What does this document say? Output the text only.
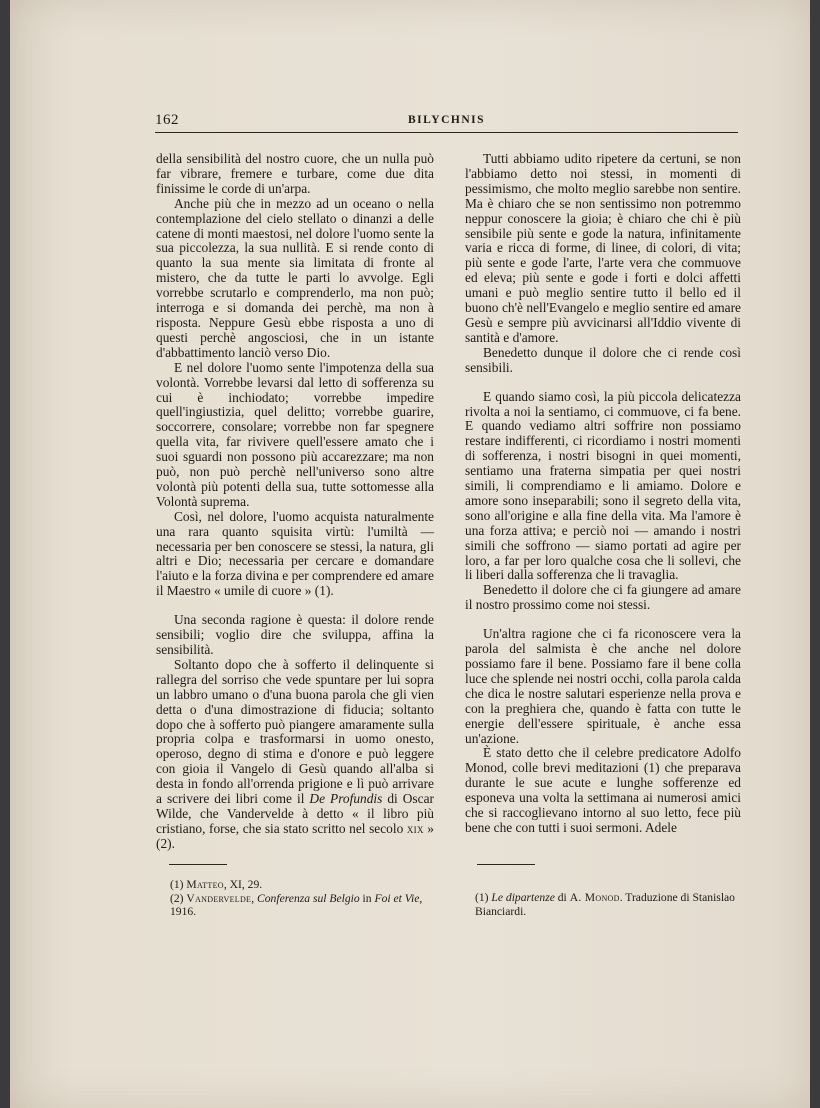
162	BILYCHNIS

della sensibilità del nostro cuore, che un nulla può far vibrare, fremere e turbare, come due dita finissime le corde di un'arpa.

Anche più che in mezzo ad un oceano o nella contemplazione del cielo stellato o dinanzi a delle catene di monti maestosi, nel dolore l'uomo sente la sua piccolezza, la sua nullità. E si rende conto di quanto la sua mente sia limitata di fronte al mistero, che da tutte le parti lo avvolge. Egli vorrebbe scrutarlo e comprenderlo, ma non può; interroga e si domanda dei perchè, ma non à risposta. Neppure Gesù ebbe risposta a uno di questi perchè angosciosi, che in un istante d'abbattimento lanciò verso Dio.

E nel dolore l'uomo sente l'impotenza della sua volontà. Vorrebbe levarsi dal letto di sofferenza su cui è inchiodato; vorrebbe impedire quell'ingiustizia, quel delitto; vorrebbe guarire, soccorrere, consolare; vorrebbe non far spegnere quella vita, far rivivere quell'essere amato che i suoi sguardi non possono più accarezzare; ma non può, non può perchè nell'universo sono altre volontà più potenti della sua, tutte sottomesse alla Volontà suprema.

Così, nel dolore, l'uomo acquista naturalmente una rara quanto squisita virtù: l'umiltà — necessaria per ben conoscere se stessi, la natura, gli altri e Dio; necessaria per cercare e domandare l'aiuto e la forza divina e per comprendere ed amare il Maestro « umile di cuore » (1).

Una seconda ragione è questa: il dolore rende sensibili; voglio dire che sviluppa, affina la sensibilità.

Soltanto dopo che à sofferto il delinquente si rallegra del sorriso che vede spuntare per lui sopra un labbro umano o d'una buona parola che gli vien detta o d'una dimostrazione di fiducia; soltanto dopo che à sofferto può piangere amaramente sulla propria colpa e trasformarsi in uomo onesto, operoso, degno di stima e d'onore e può leggere con gioia il Vangelo di Gesù quando all'alba si desta in fondo all'orrenda prigione e lì può arrivare a scrivere dei libri come il De Profundis di Oscar Wilde, che Vandervelde à detto « il libro più cristiano, forse, che sia stato scritto nel secolo xix » (2).

Tutti abbiamo udito ripetere da certuni, se non l'abbiamo detto noi stessi, in momenti di pessimismo, che molto meglio sarebbe non sentire. Ma è chiaro che se non sentissimo non potremmo neppur conoscere la gioia; è chiaro che chi è più sensibile più sente e gode la natura, infinitamente varia e ricca di forme, di linee, di colori, di vita; più sente e gode l'arte, l'arte vera che commuove ed eleva; più sente e gode i forti e dolci affetti umani e può meglio sentire tutto il bello ed il buono ch'è nell'Evangelo e meglio sentire ed amare Gesù e sempre più avvicinarsi all'Iddio vivente di santità e d'amore.

Benedetto dunque il dolore che ci rende così sensibili.

E quando siamo così, la più piccola delicatezza rivolta a noi la sentiamo, ci commuove, ci fa bene. E quando vediamo altri soffrire non possiamo restare indifferenti, ci ricordiamo i nostri momenti di sofferenza, i nostri bisogni in quei momenti, sentiamo una fraterna simpatia per quei nostri simili, li comprendiamo e li amiamo. Dolore e amore sono inseparabili; sono il segreto della vita, sono all'origine e alla fine della vita. Ma l'amore è una forza attiva; e perciò noi — amando i nostri simili che soffrono — siamo portati ad agire per loro, a far per loro qualche cosa che li sollevi, che li liberi dalla sofferenza che li travaglia.

Benedetto il dolore che ci fa giungere ad amare il nostro prossimo come noi stessi.

Un'altra ragione che ci fa riconoscere vera la parola del salmista è che anche nel dolore possiamo fare il bene. Possiamo fare il bene colla luce che splende nei nostri occhi, colla parola calda che dica le nostre salutari esperienze nella prova e con la preghiera che, quando è fatta con tutte le energie dell'essere spirituale, è anche essa un'azione.

È stato detto che il celebre predicatore Adolfo Monod, colle brevi meditazioni (1) che preparava durante le sue acute e lunghe sofferenze ed esponeva una volta la settimana ai numerosi amici che si raccoglievano intorno al suo letto, fece più bene che con tutti i suoi sermoni. Adele

(1) Matteo, XI, 29.
(2) Vandervelde, Conferenza sul Belgio in Foi et Vie, 1916.
(1) Le dipartenze di A. Monod. Traduzione di Stanislao Bianciardi.
